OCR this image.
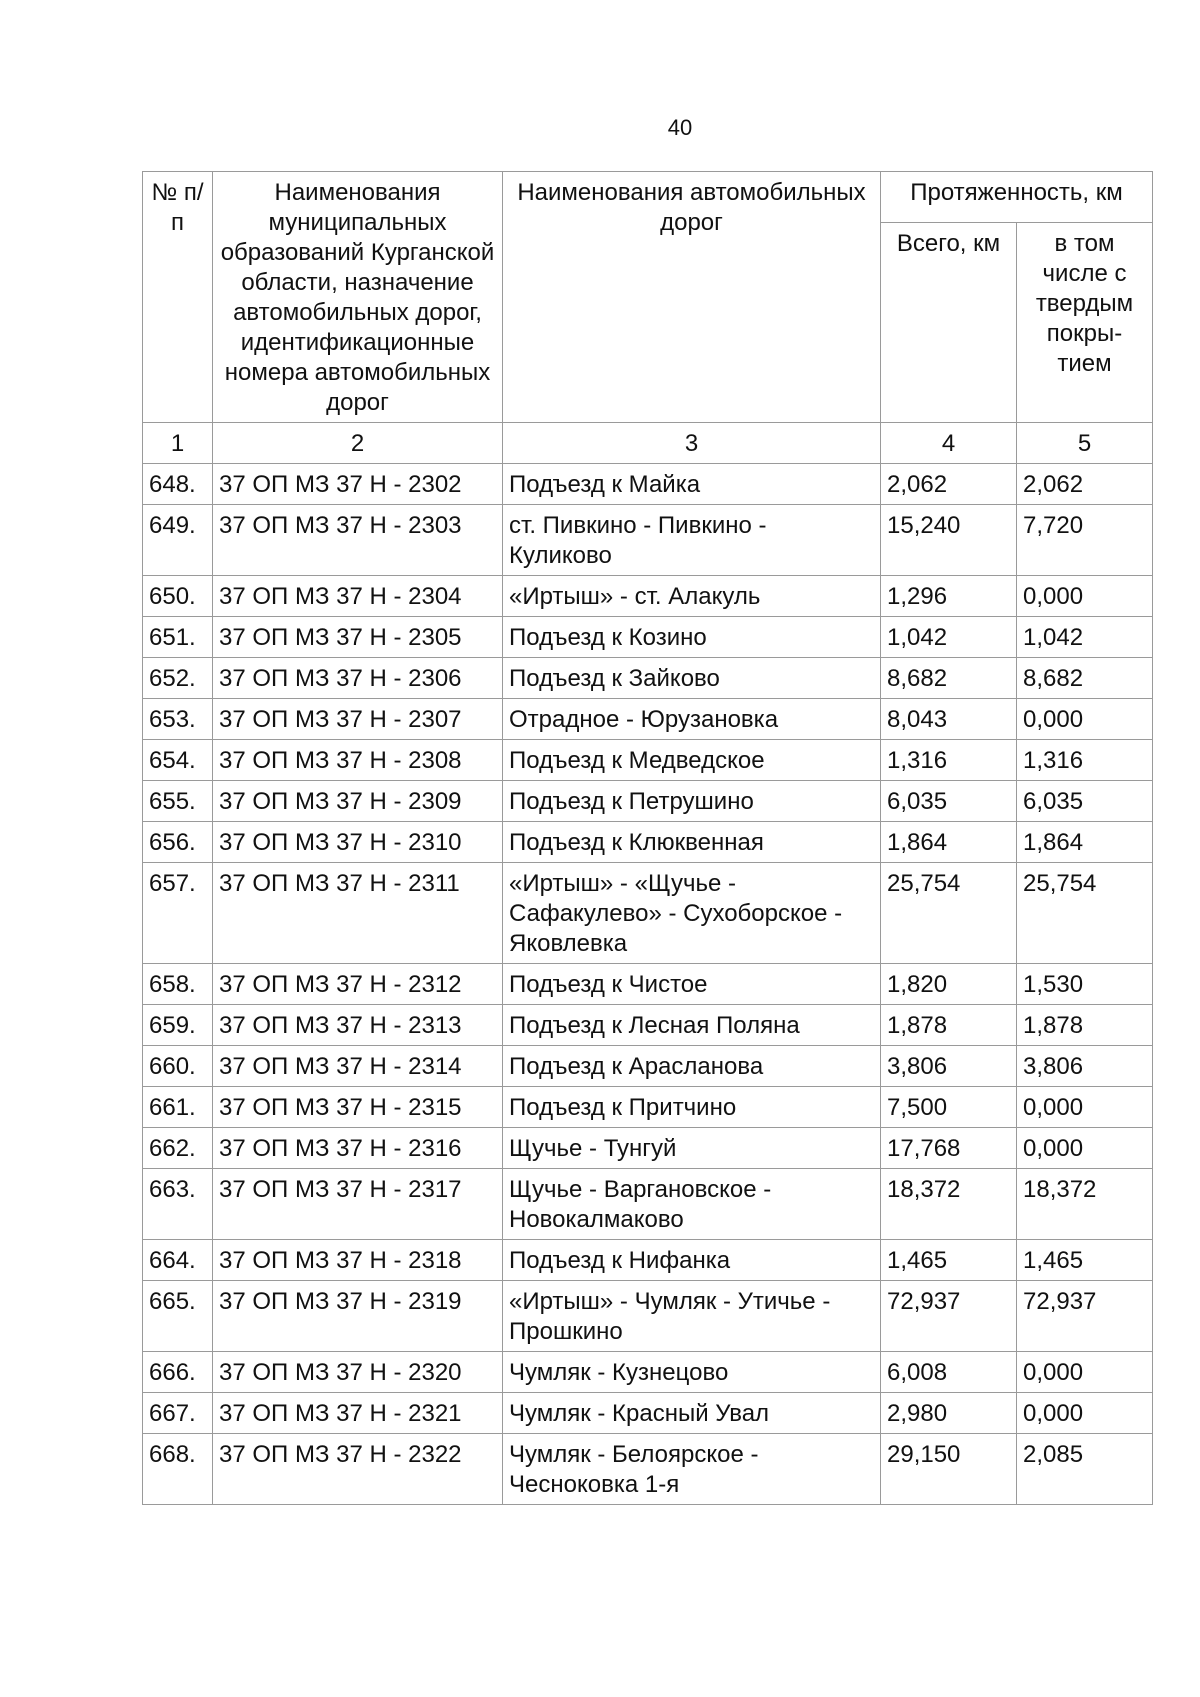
40
№ п/п	Наименования муниципальных образований Курганской области, назначение автомобильных дорог, идентификационные номера автомобильных дорог	Наименования автомобильных дорог	Протяженность, км	
			Всего, км	в том числе с твердым покры-тием
1	2	3	4	5
648.	37 ОП МЗ 37 Н - 2302	Подъезд к Майка	2,062	2,062
649.	37 ОП МЗ 37 Н - 2303	ст. Пивкино - Пивкино - Куликово	15,240	7,720
650.	37 ОП МЗ 37 Н - 2304	«Иртыш» - ст. Алакуль	1,296	0,000
651.	37 ОП МЗ 37 Н - 2305	Подъезд к Козино	1,042	1,042
652.	37 ОП МЗ 37 Н - 2306	Подъезд к Зайково	8,682	8,682
653.	37 ОП МЗ 37 Н - 2307	Отрадное - Юрузановка	8,043	0,000
654.	37 ОП МЗ 37 Н - 2308	Подъезд к Медведское	1,316	1,316
655.	37 ОП МЗ 37 Н - 2309	Подъезд к Петрушино	6,035	6,035
656.	37 ОП МЗ 37 Н - 2310	Подъезд к Клюквенная	1,864	1,864
657.	37 ОП МЗ 37 Н - 2311	«Иртыш» - «Щучье - Сафакулево» - Сухоборское - Яковлевка	25,754	25,754
658.	37 ОП МЗ 37 Н - 2312	Подъезд к Чистое	1,820	1,530
659.	37 ОП МЗ 37 Н - 2313	Подъезд к Лесная Поляна	1,878	1,878
660.	37 ОП МЗ 37 Н - 2314	Подъезд к Арасланова	3,806	3,806
661.	37 ОП МЗ 37 Н - 2315	Подъезд к Притчино	7,500	0,000
662.	37 ОП МЗ 37 Н - 2316	Щучье - Тунгуй	17,768	0,000
663.	37 ОП МЗ 37 Н - 2317	Щучье - Варгановское - Новокалмаково	18,372	18,372
664.	37 ОП МЗ 37 Н - 2318	Подъезд к Нифанка	1,465	1,465
665.	37 ОП МЗ 37 Н - 2319	«Иртыш» - Чумляк - Утичье - Прошкино	72,937	72,937
666.	37 ОП МЗ 37 Н - 2320	Чумляк - Кузнецово	6,008	0,000
667.	37 ОП МЗ 37 Н - 2321	Чумляк - Красный Увал	2,980	0,000
668.	37 ОП МЗ 37 Н - 2322	Чумляк - Белоярское - Чесноковка 1-я	29,150	2,085
